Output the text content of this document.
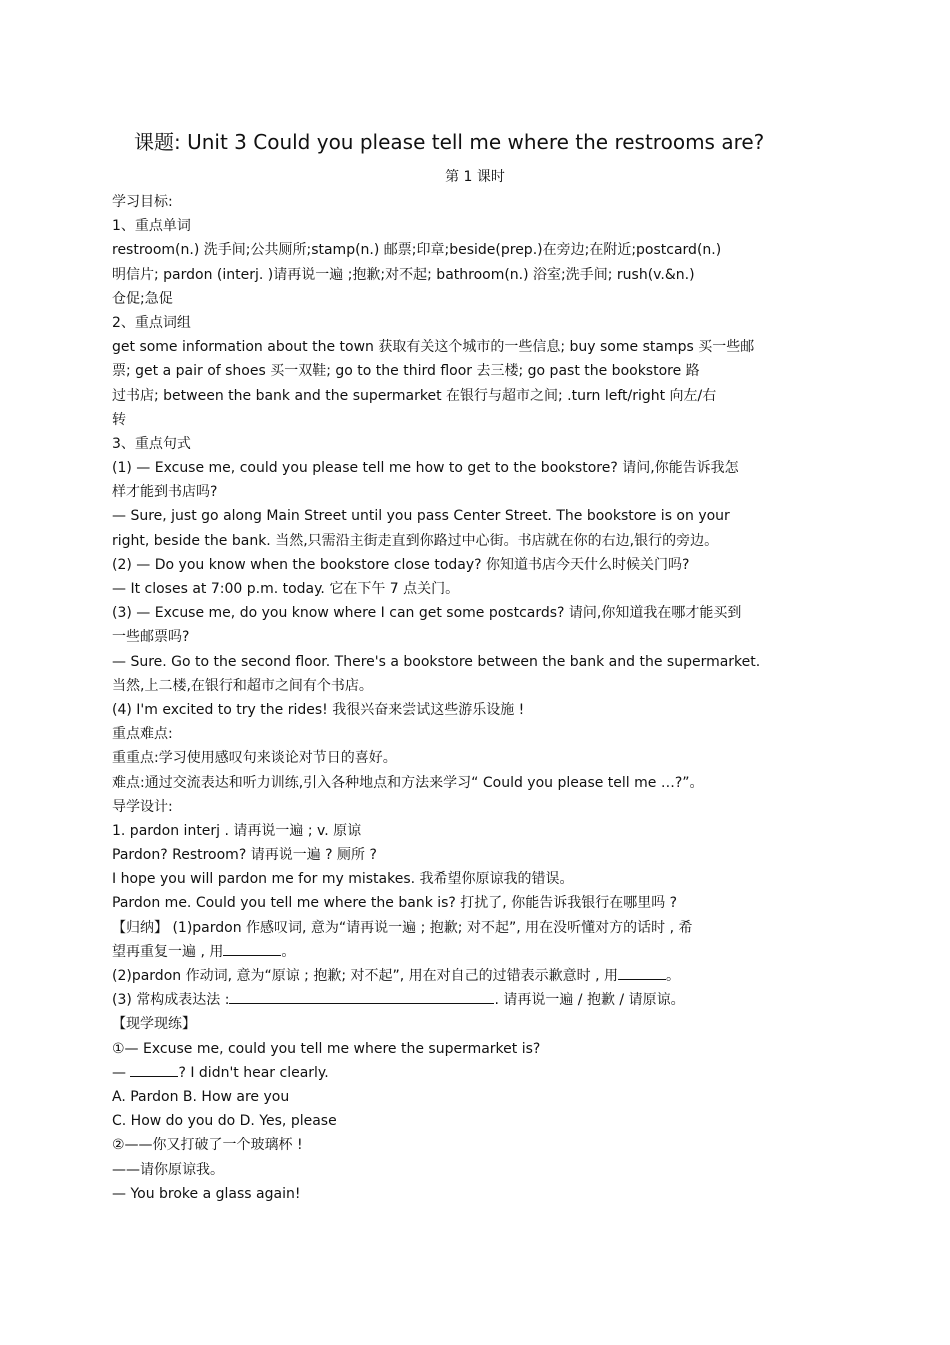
课题: Unit 3 Could you please tell me where the restrooms are?
第 1 课时
学习目标:
1、重点单词
restroom(n.) 洗手间;公共厕所;stamp(n.) 邮票;印章;beside(prep.)在旁边;在附近;postcard(n.)
明信片; pardon (interj. )请再说一遍 ;抱歉;对不起; bathroom(n.) 浴室;洗手间; rush(v.&n.)
仓促;急促
2、重点词组
get some information about the town 获取有关这个城市的一些信息; buy some stamps 买一些邮
票; get a pair of shoes 买一双鞋; go to the third floor 去三楼; go past the bookstore 路
过书店; between the bank and the supermarket 在银行与超市之间; .turn left/right 向左/右
转
3、重点句式
(1) — Excuse me, could you please tell me how to get to the bookstore? 请问,你能告诉我怎
样才能到书店吗?
— Sure, just go along Main Street until you pass Center Street. The bookstore is on your
right, beside the bank. 当然,只需沿主街走直到你路过中心街。书店就在你的右边,银行的旁边。
(2) — Do you know when the bookstore close today? 你知道书店今天什么时候关门吗?
— It closes at 7:00 p.m. today. 它在下午 7 点关门。
(3) — Excuse me, do you know where I can get some postcards? 请问,你知道我在哪才能买到
一些邮票吗?
— Sure. Go to the second floor. There's a bookstore between the bank and the supermarket.
当然,上二楼,在银行和超市之间有个书店。
(4) I'm excited to try the rides! 我很兴奋来尝试这些游乐设施 !
重点难点:
重重点:学习使用感叹句来谈论对节日的喜好。
难点:通过交流表达和听力训练,引入各种地点和方法来学习“ Could you please tell me …?”。
导学设计:
1. pardon interj . 请再说一遍 ; v. 原谅
Pardon? Restroom? 请再说一遍 ? 厕所 ?
I hope you will pardon me for my mistakes. 我希望你原谅我的错误。
Pardon me. Could you tell me where the bank is? 打扰了, 你能告诉我银行在哪里吗 ?
【归纳】 (1)pardon 作感叹词, 意为“请再说一遍 ; 抱歉; 对不起”, 用在没听懂对方的话时 , 希
望再重复一遍 , 用	。
(2)pardon 作动词, 意为“原谅 ; 抱歉; 对不起”, 用在对自己的过错表示歉意时 , 用	。
(3) 常构成表达法 :	. 请再说一遍 / 抱歉 / 请原谅。
【现学现练】
①— Excuse me, could you tell me where the supermarket is?
—	? I didn't hear clearly.
A. Pardon B. How are you
C. How do you do D. Yes, please
②——你又打破了一个玻璃杯 !
——请你原谅我。
— You broke a glass again!
